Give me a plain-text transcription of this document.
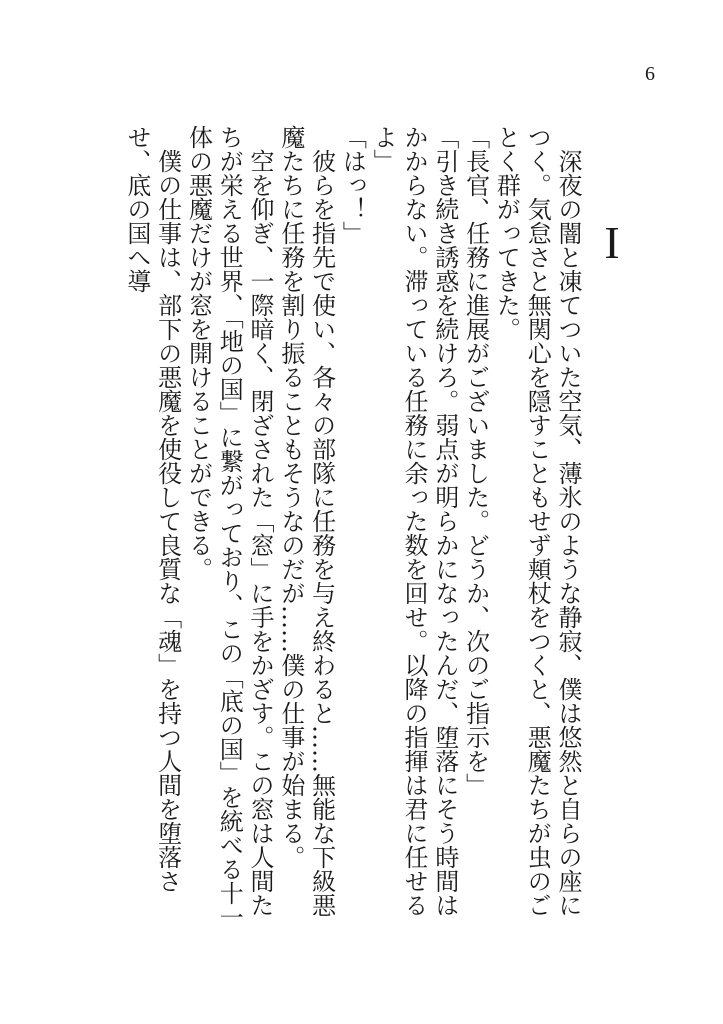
6
I

深夜の闇と凍てついた空気、薄氷のような静寂、僕は悠然と自らの座につく。気怠さと無関心を隠すこともせず頬杖をつくと、悪魔たちが虫のごとく群がってきた。

「長官、任務に進展がございました。どうか、次のご指示を」

「引き続き誘惑を続けろ。弱点が明らかになったんだ、堕落にそう時間はかからない。滞っている任務に余った数を回せ。以降の指揮は君に任せるよ」

「はっ！」

彼らを指先で使い、各々の部隊に任務を与え終わると……無能な下級悪魔たちに任務を割り振ることもそうなのだが……僕の仕事が始まる。

空を仰ぎ、一際暗く、閉ざされた「窓」に手をかざす。この窓は人間たちが栄える世界、「地の国」に繋がっており、この「底の国」を統べる十一体の悪魔だけが窓を開けることができる。

僕の仕事は、部下の悪魔を使役して良質な「魂」を持つ人間を堕落させ、底の国へ導
